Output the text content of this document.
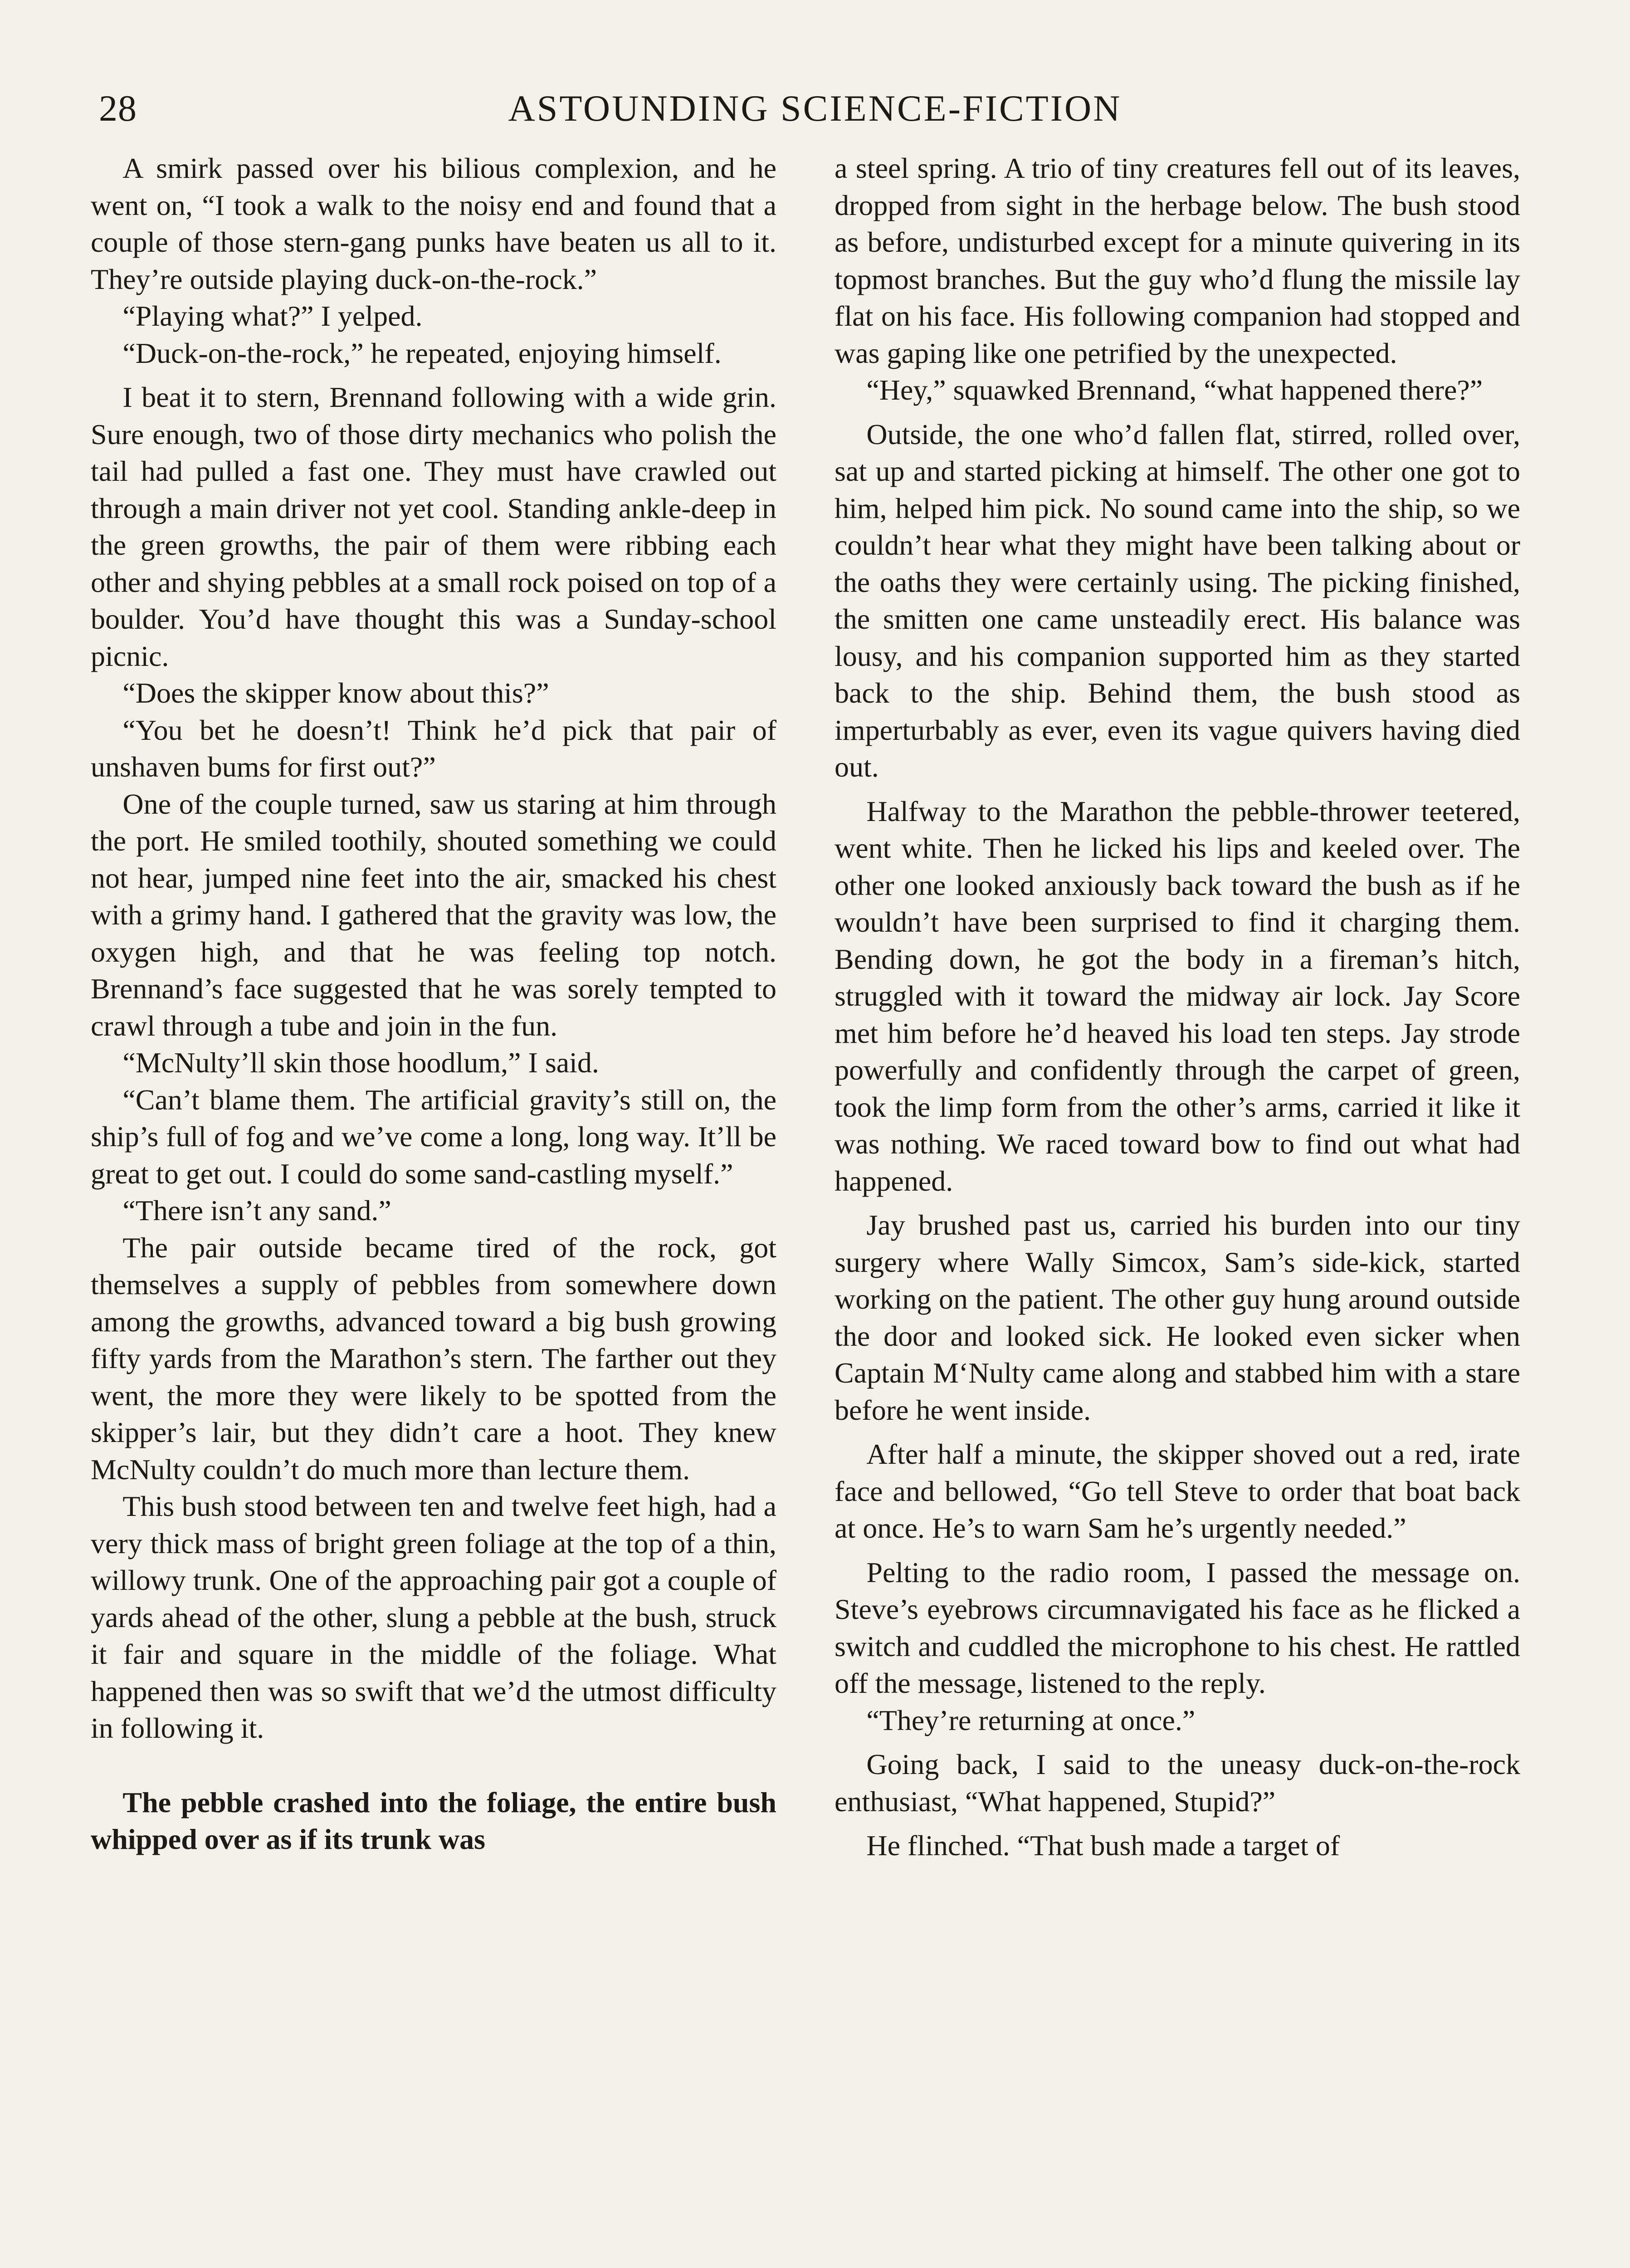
28	ASTOUNDING SCIENCE-FICTION

A smirk passed over his bilious complexion, and he went on, “I took a walk to the noisy end and found that a couple of those stern-gang punks have beaten us all to it. They’re outside playing duck-on-the-rock.”

“Playing what?” I yelped.

“Duck-on-the-rock,” he repeated, enjoying himself.

I beat it to stern, Brennand following with a wide grin. Sure enough, two of those dirty mechanics who polish the tail had pulled a fast one. They must have crawled out through a main driver not yet cool. Standing ankle-deep in the green growths, the pair of them were ribbing each other and shying pebbles at a small rock poised on top of a boulder. You’d have thought this was a Sunday-school picnic.

“Does the skipper know about this?”

“You bet he doesn’t! Think he’d pick that pair of unshaven bums for first out?”

One of the couple turned, saw us staring at him through the port. He smiled toothily, shouted something we could not hear, jumped nine feet into the air, smacked his chest with a grimy hand. I gathered that the gravity was low, the oxygen high, and that he was feeling top notch. Brennand’s face suggested that he was sorely tempted to crawl through a tube and join in the fun.

“McNulty’ll skin those hoodlum,” I said.

“Can’t blame them. The artificial gravity’s still on, the ship’s full of fog and we’ve come a long, long way. It’ll be great to get out. I could do some sand-castling myself.”

“There isn’t any sand.”

The pair outside became tired of the rock, got themselves a supply of pebbles from somewhere down among the growths, advanced toward a big bush growing fifty yards from the Marathon’s stern. The farther out they went, the more they were likely to be spotted from the skipper’s lair, but they didn’t care a hoot. They knew McNulty couldn’t do much more than lecture them.

This bush stood between ten and twelve feet high, had a very thick mass of bright green foliage at the top of a thin, willowy trunk. One of the approaching pair got a couple of yards ahead of the other, slung a pebble at the bush, struck it fair and square in the middle of the foliage. What happened then was so swift that we’d the utmost difficulty in following it.

The pebble crashed into the foliage, the entire bush whipped over as if its trunk was

a steel spring. A trio of tiny creatures fell out of its leaves, dropped from sight in the herbage below. The bush stood as before, undisturbed except for a minute quivering in its topmost branches. But the guy who’d flung the missile lay flat on his face. His following companion had stopped and was gaping like one petrified by the unexpected.

“Hey,” squawked Brennand, “what happened there?”

Outside, the one who’d fallen flat, stirred, rolled over, sat up and started picking at himself. The other one got to him, helped him pick. No sound came into the ship, so we couldn’t hear what they might have been talking about or the oaths they were certainly using. The picking finished, the smitten one came unsteadily erect. His balance was lousy, and his companion supported him as they started back to the ship. Behind them, the bush stood as imperturbably as ever, even its vague quivers having died out.

Halfway to the Marathon the pebble-thrower teetered, went white. Then he licked his lips and keeled over. The other one looked anxiously back toward the bush as if he wouldn’t have been surprised to find it charging them. Bending down, he got the body in a fireman’s hitch, struggled with it toward the midway air lock. Jay Score met him before he’d heaved his load ten steps. Jay strode powerfully and confidently through the carpet of green, took the limp form from the other’s arms, carried it like it was nothing. We raced toward bow to find out what had happened.

Jay brushed past us, carried his burden into our tiny surgery where Wally Simcox, Sam’s side-kick, started working on the patient. The other guy hung around outside the door and looked sick. He looked even sicker when Captain M‘Nulty came along and stabbed him with a stare before he went inside.

After half a minute, the skipper shoved out a red, irate face and bellowed, “Go tell Steve to order that boat back at once. He’s to warn Sam he’s urgently needed.”

Pelting to the radio room, I passed the message on. Steve’s eyebrows circumnavigated his face as he flicked a switch and cuddled the microphone to his chest. He rattled off the message, listened to the reply.

“They’re returning at once.”

Going back, I said to the uneasy duck-on-the-rock enthusiast, “What happened, Stupid?”

He flinched. “That bush made a target of
